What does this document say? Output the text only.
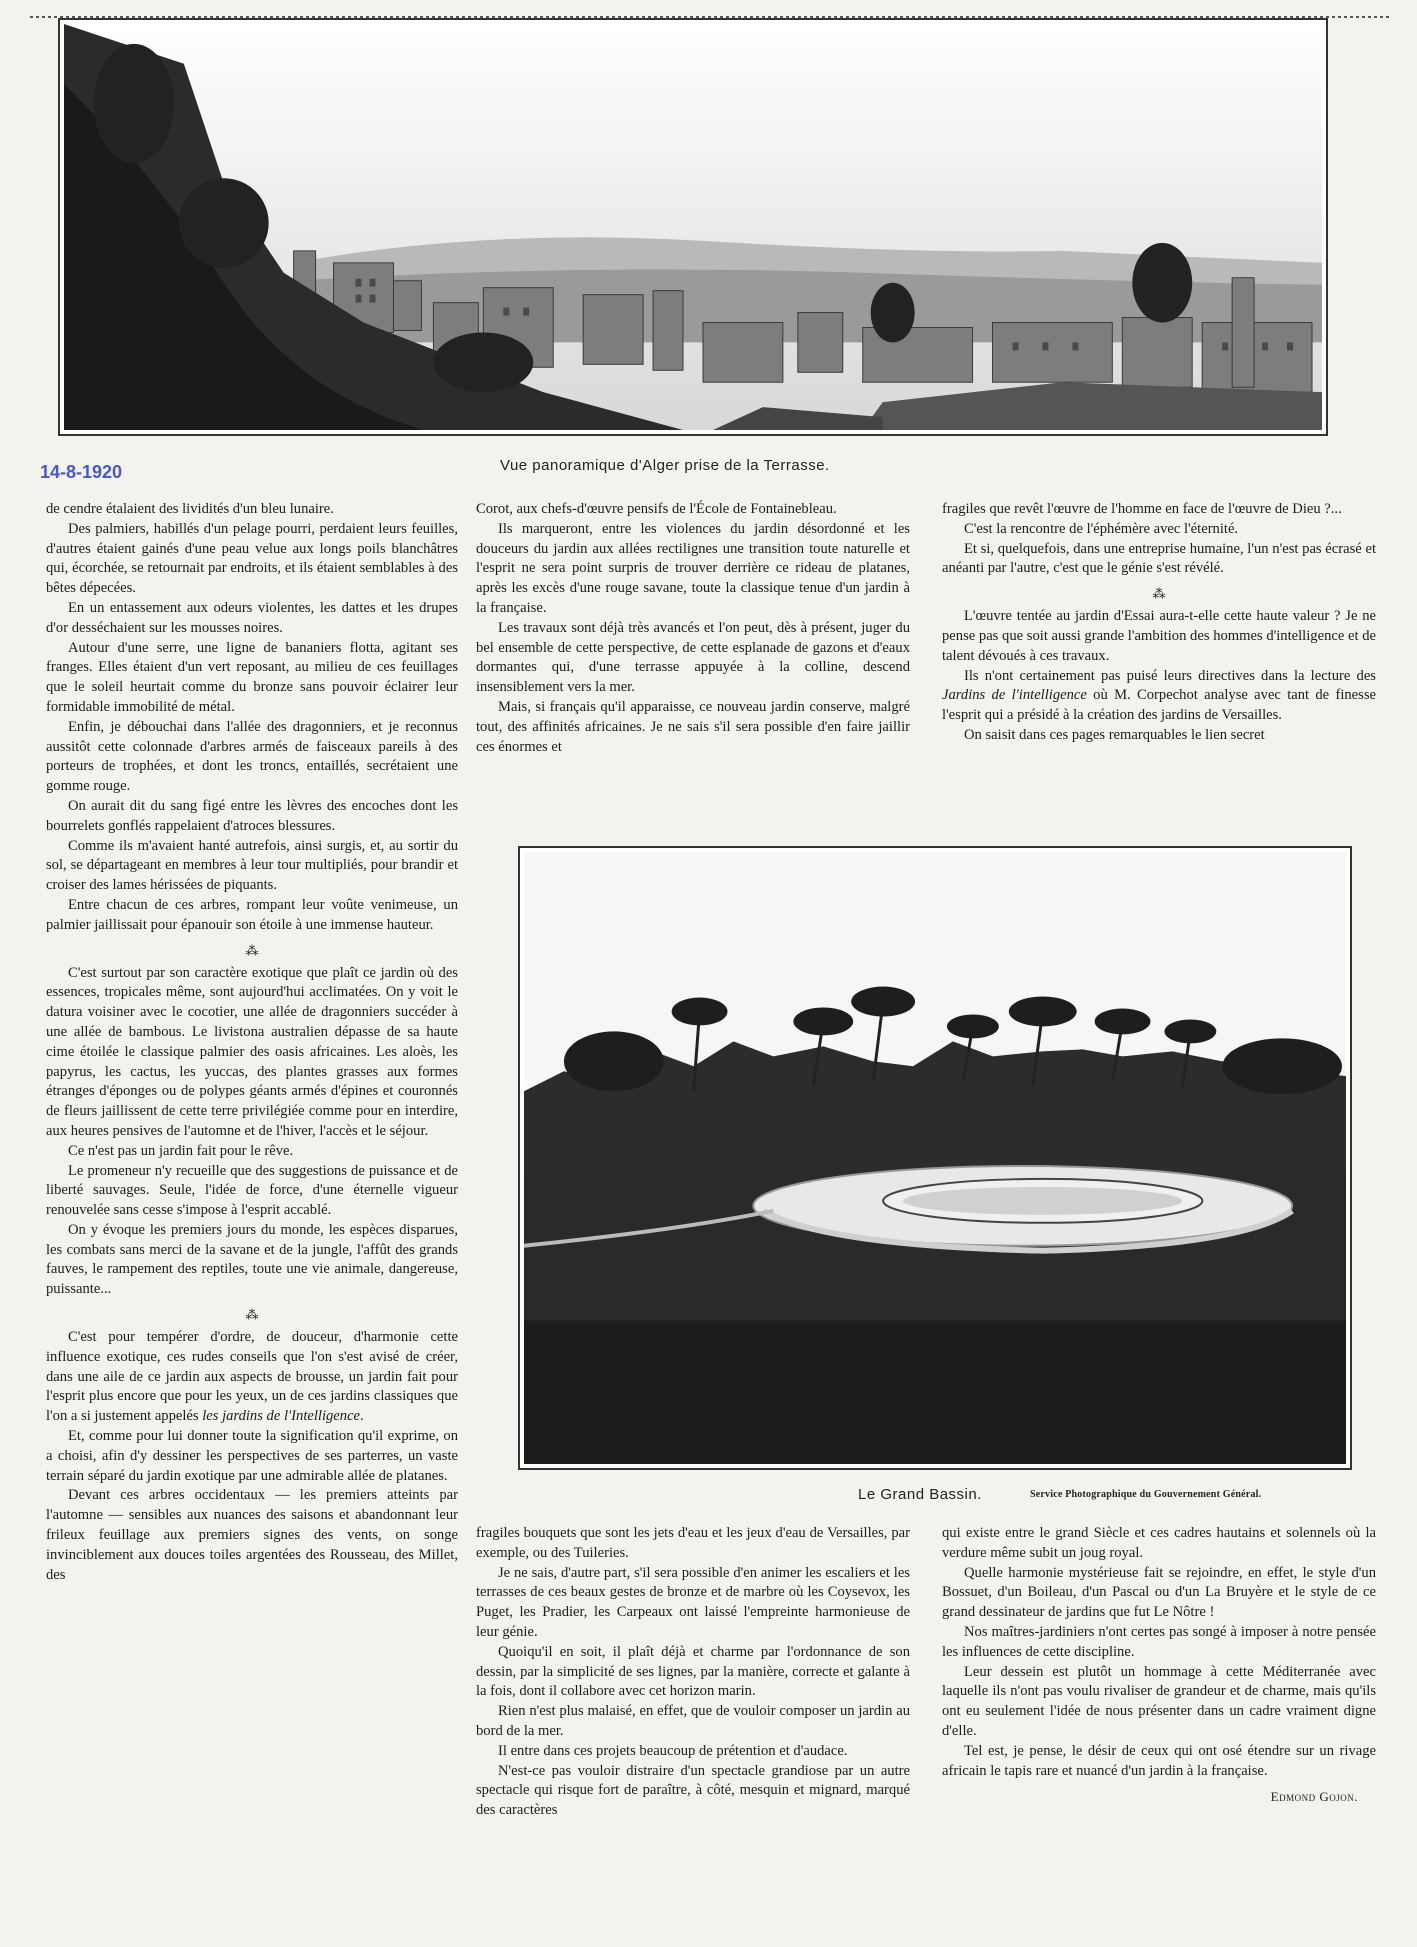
14-8-1920	Vue panoramique d'Alger prise de la Terrasse.

de cendre étalaient des lividités d'un bleu lunaire.

Des palmiers, habillés d'un pelage pourri, perdaient leurs feuilles, d'autres étaient gainés d'une peau velue aux longs poils blanchâtres qui, écorchée, se retournait par endroits, et ils étaient semblables à des bêtes dépecées.

En un entassement aux odeurs violentes, les dattes et les drupes d'or desséchaient sur les mousses noires.

Autour d'une serre, une ligne de bananiers flotta, agitant ses franges. Elles étaient d'un vert reposant, au milieu de ces feuillages que le soleil heurtait comme du bronze sans pouvoir éclairer leur formidable immobilité de métal.

Enfin, je débouchai dans l'allée des dragonniers, et je reconnus aussitôt cette colonnade d'arbres armés de faisceaux pareils à des porteurs de trophées, et dont les troncs, entaillés, secrétaient une gomme rouge.

On aurait dit du sang figé entre les lèvres des encoches dont les bourrelets gonflés rappelaient d'atroces blessures.

Comme ils m'avaient hanté autrefois, ainsi surgis, et, au sortir du sol, se départageant en membres à leur tour multipliés, pour brandir et croiser des lames hérissées de piquants.

Entre chacun de ces arbres, rompant leur voûte venimeuse, un palmier jaillissait pour épanouir son étoile à une immense hauteur.

⁂

C'est surtout par son caractère exotique que plaît ce jardin où des essences, tropicales même, sont aujourd'hui acclimatées. On y voit le datura voisiner avec le cocotier, une allée de dragonniers succéder à une allée de bambous. Le livistona australien dépasse de sa haute cime étoilée le classique palmier des oasis africaines. Les aloès, les papyrus, les cactus, les yuccas, des plantes grasses aux formes étranges d'éponges ou de polypes géants armés d'épines et couronnés de fleurs jaillissent de cette terre privilégiée comme pour en interdire, aux heures pensives de l'automne et de l'hiver, l'accès et le séjour.

Ce n'est pas un jardin fait pour le rêve.

Le promeneur n'y recueille que des suggestions de puissance et de liberté sauvages. Seule, l'idée de force, d'une éternelle vigueur renouvelée sans cesse s'impose à l'esprit accablé.

On y évoque les premiers jours du monde, les espèces disparues, les combats sans merci de la savane et de la jungle, l'affût des grands fauves, le rampement des reptiles, toute une vie animale, dangereuse, puissante...

⁂

C'est pour tempérer d'ordre, de douceur, d'harmonie cette influence exotique, ces rudes conseils que l'on s'est avisé de créer, dans une aile de ce jardin aux aspects de brousse, un jardin fait pour l'esprit plus encore que pour les yeux, un de ces jardins classiques que l'on a si justement appelés les jardins de l'Intelligence.

Et, comme pour lui donner toute la signification qu'il exprime, on a choisi, afin d'y dessiner les perspectives de ses parterres, un vaste terrain séparé du jardin exotique par une admirable allée de platanes.

Devant ces arbres occidentaux — les premiers atteints par l'automne — sensibles aux nuances des saisons et abandonnant leur frileux feuillage aux premiers signes des vents, on songe invinciblement aux douces toiles argentées des Rousseau, des Millet, des

Corot, aux chefs-d'œuvre pensifs de l'École de Fontainebleau.

Ils marqueront, entre les violences du jardin désordonné et les douceurs du jardin aux allées rectilignes une transition toute naturelle et l'esprit ne sera point surpris de trouver derrière ce rideau de platanes, après les excès d'une rouge savane, toute la classique tenue d'un jardin à la française.

Les travaux sont déjà très avancés et l'on peut, dès à présent, juger du bel ensemble de cette perspective, de cette esplanade de gazons et d'eaux dormantes qui, d'une terrasse appuyée à la colline, descend insensiblement vers la mer.

Mais, si français qu'il apparaisse, ce nouveau jardin conserve, malgré tout, des affinités africaines. Je ne sais s'il sera possible d'en faire jaillir ces énormes et

fragiles que revêt l'œuvre de l'homme en face de l'œuvre de Dieu ?...

C'est la rencontre de l'éphémère avec l'éternité.

Et si, quelquefois, dans une entreprise humaine, l'un n'est pas écrasé et anéanti par l'autre, c'est que le génie s'est révélé.

⁂

L'œuvre tentée au jardin d'Essai aura-t-elle cette haute valeur ? Je ne pense pas que soit aussi grande l'ambition des hommes d'intelligence et de talent dévoués à ces travaux.

Ils n'ont certainement pas puisé leurs directives dans la lecture des Jardins de l'intelligence où M. Corpechot analyse avec tant de finesse l'esprit qui a présidé à la création des jardins de Versailles.

On saisit dans ces pages remarquables le lien secret

Le Grand Bassin.	Service Photographique du Gouvernement Général.

fragiles bouquets que sont les jets d'eau et les jeux d'eau de Versailles, par exemple, ou des Tuileries.

Je ne sais, d'autre part, s'il sera possible d'en animer les escaliers et les terrasses de ces beaux gestes de bronze et de marbre où les Coysevox, les Puget, les Pradier, les Carpeaux ont laissé l'empreinte harmonieuse de leur génie.

Quoiqu'il en soit, il plaît déjà et charme par l'ordonnance de son dessin, par la simplicité de ses lignes, par la manière, correcte et galante à la fois, dont il collabore avec cet horizon marin.

Rien n'est plus malaisé, en effet, que de vouloir composer un jardin au bord de la mer.

Il entre dans ces projets beaucoup de prétention et d'audace.

N'est-ce pas vouloir distraire d'un spectacle grandiose par un autre spectacle qui risque fort de paraître, à côté, mesquin et mignard, marqué des caractères

qui existe entre le grand Siècle et ces cadres hautains et solennels où la verdure même subit un joug royal.

Quelle harmonie mystérieuse fait se rejoindre, en effet, le style d'un Bossuet, d'un Boileau, d'un Pascal ou d'un La Bruyère et le style de ce grand dessinateur de jardins que fut Le Nôtre !

Nos maîtres-jardiniers n'ont certes pas songé à imposer à notre pensée les influences de cette discipline.

Leur dessein est plutôt un hommage à cette Méditerranée avec laquelle ils n'ont pas voulu rivaliser de grandeur et de charme, mais qu'ils ont eu seulement l'idée de nous présenter dans un cadre vraiment digne d'elle.

Tel est, je pense, le désir de ceux qui ont osé étendre sur un rivage africain le tapis rare et nuancé d'un jardin à la française.

Edmond Gojon.
